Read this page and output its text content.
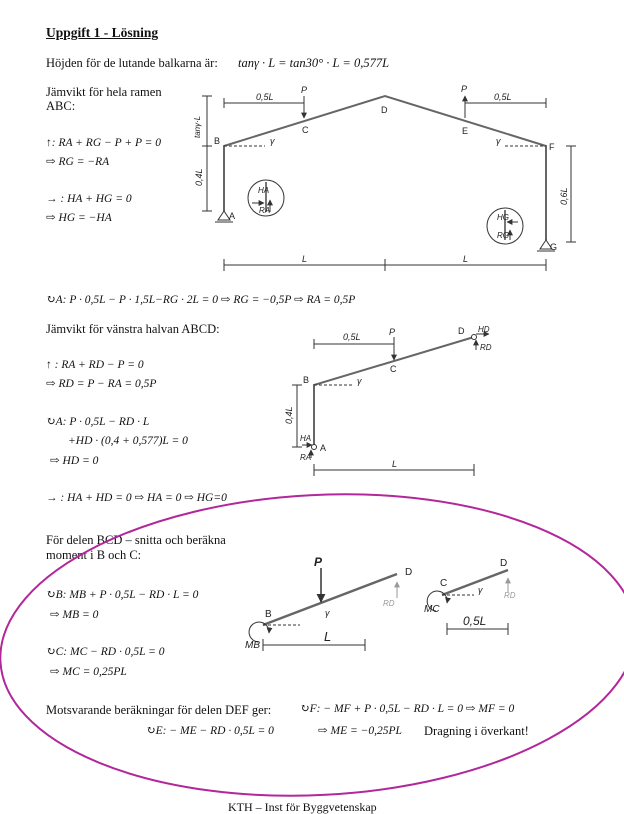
Uppgift 1 - Lösning
Höjden för de lutande balkarna är: tanγ · L = tan30° · L = 0,577L
Jämvikt för hela ramen
ABC:
↑: RA + RG − P + P = 0
⇨ RG = −RA
→ : HA + HG = 0
⇨ HG = −HA
↻A: P · 0,5L − P · 1,5L−RG · 2L = 0 ⇨ RG = −0,5P ⇨ RA = 0,5P
Jämvikt för vänstra halvan ABCD:
↑ : RA + RD − P = 0
⇨ RD = P − RA = 0,5P
↻A: P · 0,5L − RD · L
+HD · (0,4 + 0,577)L = 0
⇨ HD = 0
→ : HA + HD = 0 ⇨ HA = 0 ⇨ HG=0
För delen BCD – snitta och beräkna
moment i B och C:
↻B: MB + P · 0,5L − RD · L = 0
⇨ MB = 0
↻C: MC − RD · 0,5L = 0
⇨ MC = 0,25PL
Motsvarande beräkningar för delen DEF ger: ↻F: − MF + P · 0,5L − RD · L = 0 ⇨ MF = 0
↻E: − ME − RD · 0,5L = 0	⇨ ME = −0,25PL Dragning i överkant!
KTH – Inst för Byggvetenskap
A
B
C
D
E
F
G
P	P
γ	γ
0,5L	0,5L
L	L
0,4L
tanγ·L
0,6L
HA
RA
HG
RG
A
B
C
D
P
γ
0,5L
L
0,4L
HD
RD
HA
RA
P
B
D
RD
MB
γ
L
C
D
RD
MC
γ
0,5L
